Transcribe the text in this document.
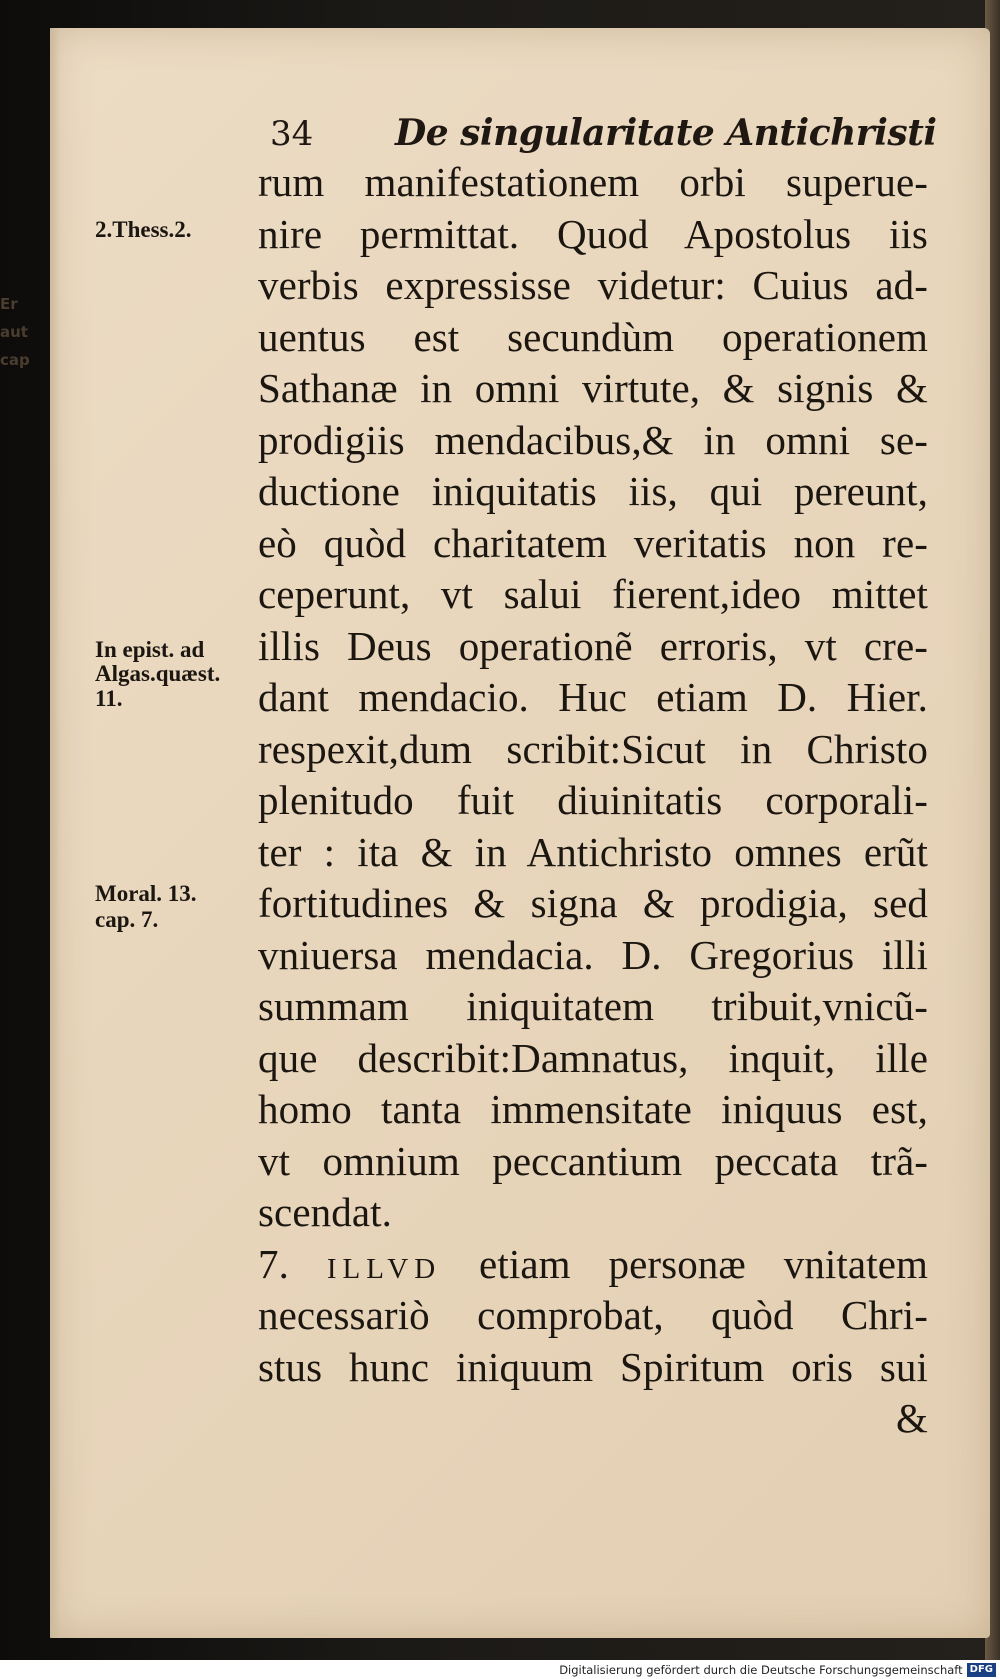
Er
aut
cap
34 De singularitate Antichristi
2.Thess.2.
In epist. ad
Algas.quæst.
11.
Moral. 13.
cap. 7.
rum manifestationem orbi superue-
nire permittat. Quod Apostolus iis
verbis expressisse videtur: Cuius ad-
uentus est secundùm operationem
Sathanæ in omni virtute, & signis &
prodigiis mendacibus,& in omni se-
ductione iniquitatis iis, qui pereunt,
eò quòd charitatem veritatis non re-
ceperunt, vt salui fierent,ideo mittet
illis Deus operationẽ erroris, vt cre-
dant mendacio. Huc etiam D. Hier.
respexit,dum scribit:Sicut in Christo
plenitudo fuit diuinitatis corporali-
ter : ita & in Antichristo omnes erũt
fortitudines & signa & prodigia, sed
vniuersa mendacia. D. Gregorius illi
summam iniquitatem tribuit,vnicũ-
que describit:Damnatus, inquit, ille
homo tanta immensitate iniquus est,
vt omnium peccantium peccata trã-
scendat.
7. illvd etiam personæ vnitatem
necessariò comprobat, quòd Chri-
stus hunc iniquum Spiritum oris sui
&
Digitalisierung gefördert durch die Deutsche Forschungsgemeinschaft DFG
